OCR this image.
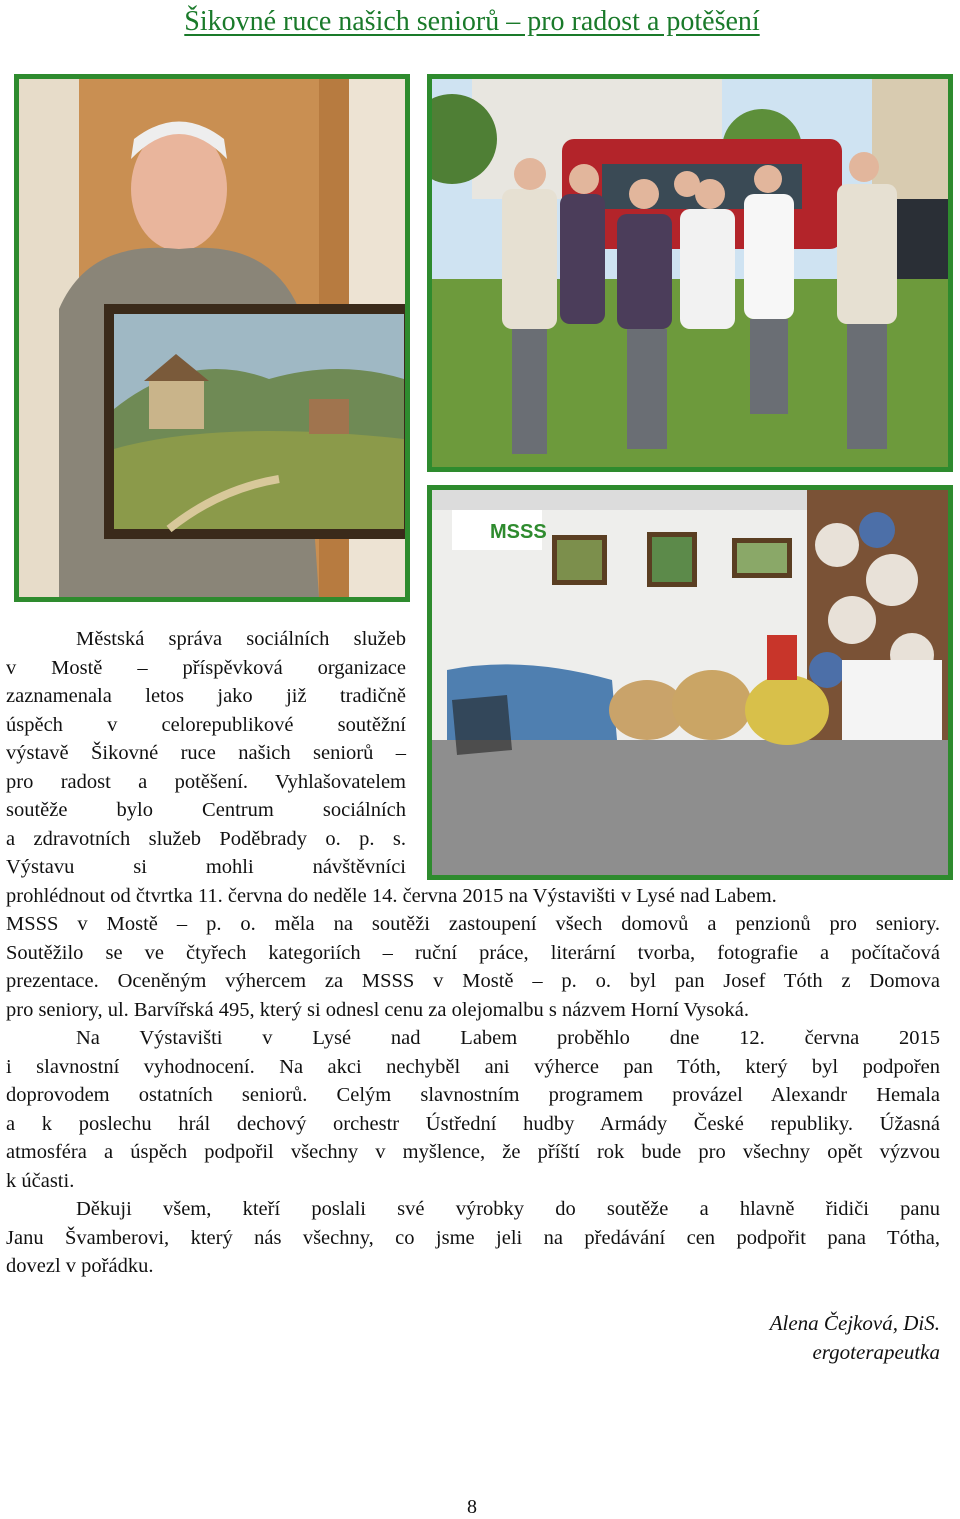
Šikovné ruce našich seniorů – pro radost a potěšení
MSSS

Městská správa sociálních služeb

v Mostě – příspěvková organizace

zaznamenala letos jako již tradičně

úspěch v celorepublikové soutěžní

výstavě Šikovné ruce našich seniorů –

pro radost a potěšení. Vyhlašovatelem

soutěže bylo Centrum sociálních

a zdravotních služeb Poděbrady o. p. s.

Výstavu si mohli návštěvníci

prohlédnout od čtvrtka 11. června do neděle 14. června 2015 na Výstavišti v Lysé nad Labem.
MSSS v Mostě – p. o. měla na soutěži zastoupení všech domovů a penzionů pro seniory.
Soutěžilo se ve čtyřech kategoriích – ruční práce, literární tvorba, fotografie a počítačová
prezentace. Oceněným výhercem za MSSS v Mostě – p. o. byl pan Josef Tóth z Domova
pro seniory, ul. Barvířská 495, který si odnesl cenu za olejomalbu s názvem Horní Vysoká.
Na Výstavišti v Lysé nad Labem proběhlo dne 12. června 2015
i slavnostní vyhodnocení. Na akci nechyběl ani výherce pan Tóth, který byl podpořen
doprovodem ostatních seniorů. Celým slavnostním programem provázel Alexandr Hemala
a k poslechu hrál dechový orchestr Ústřední hudby Armády České republiky. Úžasná
atmosféra a úspěch podpořil všechny v myšlence, že příští rok bude pro všechny opět výzvou
k účasti.
Děkuji všem, kteří poslali své výrobky do soutěže a hlavně řidiči panu
Janu Švamberovi, který nás všechny, co jsme jeli na předávání cen podpořit pana Tótha,
dovezl v pořádku.
Alena Čejková, DiS.
ergoterapeutka
8
